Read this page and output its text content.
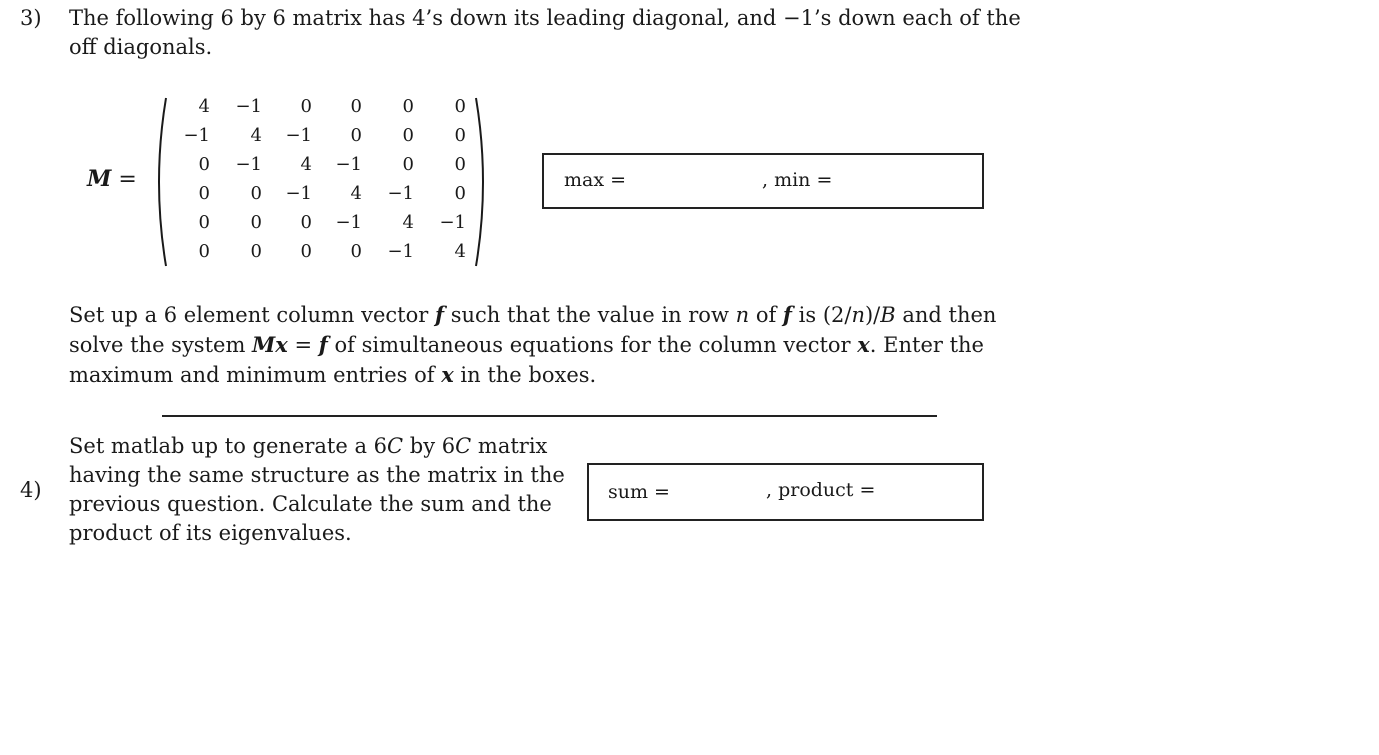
3) The following 6 by 6 matrix has 4’s down its leading diagonal, and −1’s down each of the
off diagonals.
M =
4	−1	0	0	0	0
−1	4	−1	0	0	0
0	−1	4	−1	0	0
0	0	−1	4	−1	0
0	0	0	−1	4	−1
0	0	0	0	−1	4
max =	, min =
Set up a 6 element column vector f such that the value in row n of f is (2/n)/B and then
solve the system Mx = f of simultaneous equations for the column vector x. Enter the
maximum and minimum entries of x in the boxes.
4)
Set matlab up to generate a 6C by 6C matrix
having the same structure as the matrix in the
previous question. Calculate the sum and the
product of its eigenvalues.
sum =	, product =
